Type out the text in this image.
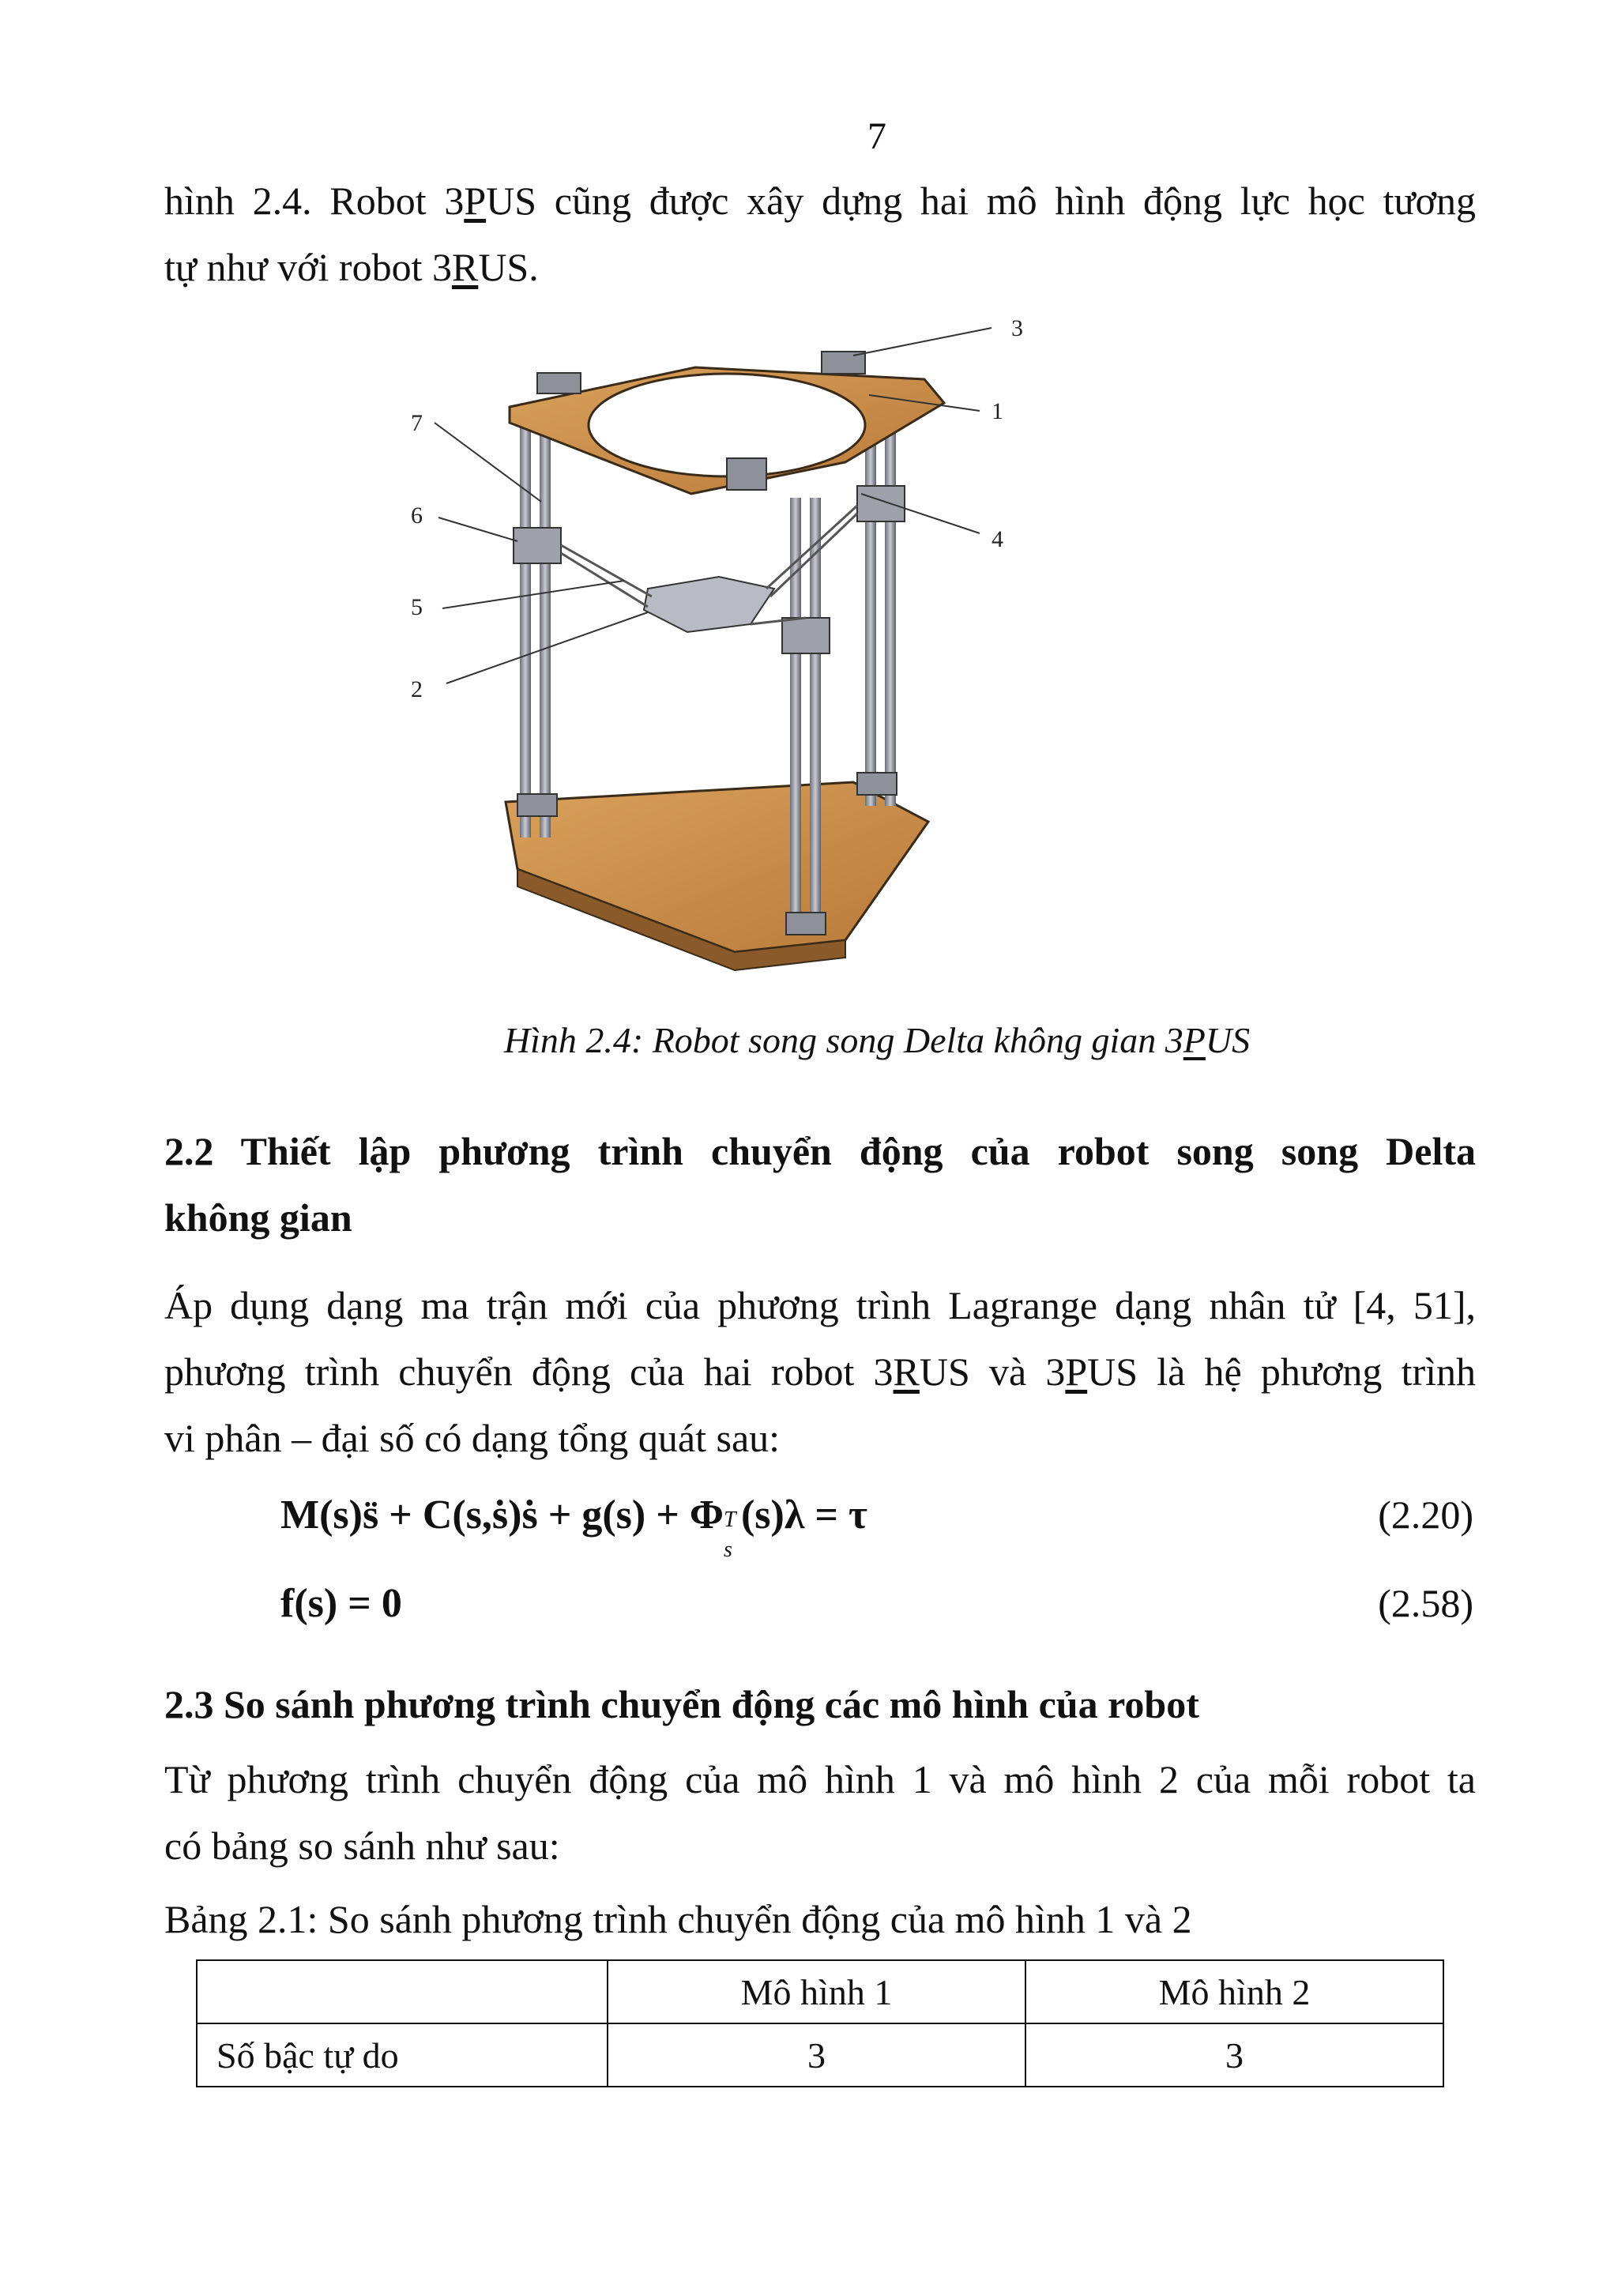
7
hình 2.4. Robot 3PUS cũng được xây dựng hai mô hình động lực học tương
tự như với robot 3RUS.
3
1
4
7
6
5
2
Hình 2.4: Robot song song Delta không gian 3PUS
2.2 Thiết lập phương trình chuyển động của robot song song Delta
không gian
Áp dụng dạng ma trận mới của phương trình Lagrange dạng nhân tử [4, 51],
phương trình chuyển động của hai robot 3RUS và 3PUS là hệ phương trình
vi phân – đại số có dạng tổng quát sau:
M(s)s̈ + C(s,ṡ)ṡ + g(s) + Φ T
s
(s)λ = τ	(2.20)
f(s) = 0	(2.58)
2.3 So sánh phương trình chuyển động các mô hình của robot
Từ phương trình chuyển động của mô hình 1 và mô hình 2 của mỗi robot ta
có bảng so sánh như sau:
Bảng 2.1: So sánh phương trình chuyển động của mô hình 1 và 2
	Mô hình 1	Mô hình 2
Số bậc tự do	3	3
